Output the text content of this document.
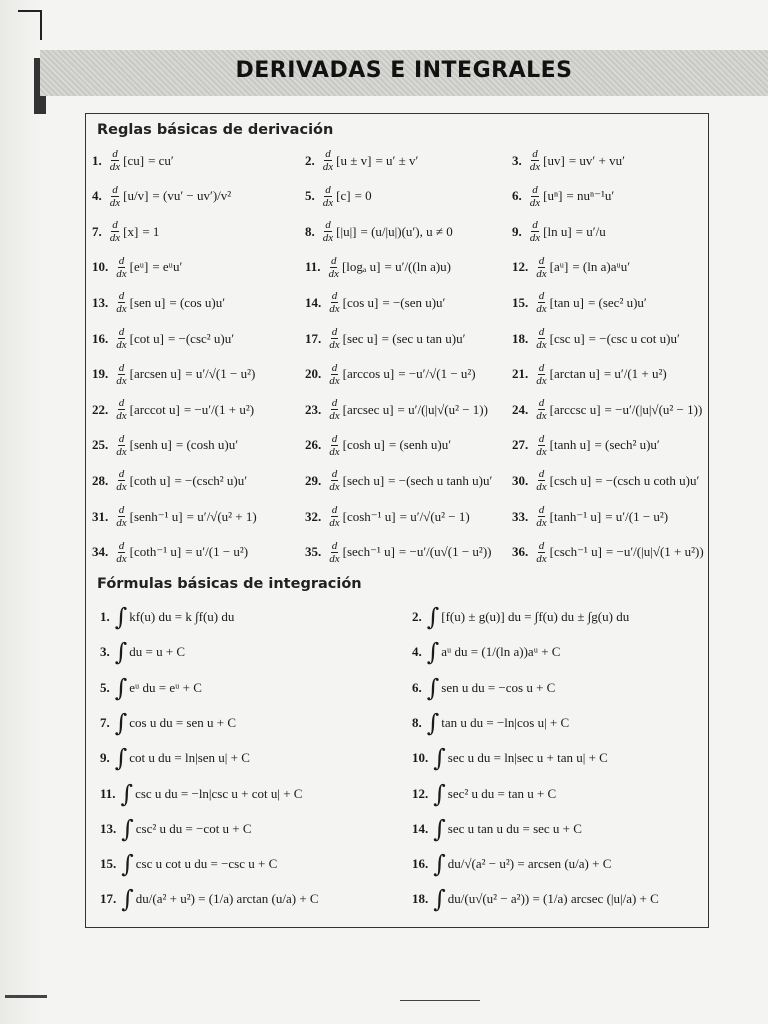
DERIVADAS E INTEGRALES
Reglas básicas de derivación
1. $\frac{d}{dx} [cu] = cu'$	2. $\frac{d}{dx} [u \pm v] = u' \pm v'$	3. $\frac{d}{dx} [uv] = uv' + vu'$
4. $\frac{d}{dx} [u/v] = (vu' - uv')/v^2$	5. $\frac{d}{dx} [c] = 0$	6. $\frac{d}{dx} [u^n] = nu^{n-1}u'$
7. $\frac{d}{dx} [x] = 1$	8. $\frac{d}{dx} [|u|] = (u/|u|)(u')$, u ≠ 0	9. $\frac{d}{dx} [\ln$ u] = u′/u
10. $\frac{d}{dx}$ [eᵘ] = eᵘu′	11. $\frac{d}{dx} [\log_a$ u] = u′/((ln a)u)	12. $\frac{d}{dx}$ [aᵘ] = (ln a)aᵘu′
13. $\frac{d}{dx} [sen$ u] = (cos u)u′	14. $\frac{d}{dx} [\cos$ u] = −(sen u)u′	15. $\frac{d}{dx} [\tan$ u] = (sec² u)u′
16. $\frac{d}{dx} [\cot$ u] = −(csc² u)u′	17. $\frac{d}{dx} [\sec$ u] = (sec u tan u)u′	18. $\frac{d}{dx} [\csc$ u] = −(csc u cot u)u′
19. $\frac{d}{dx}$ [arcsen u] = u′/√(1 − u²)	20. $\frac{d}{dx} [\arccos$ u] = −u′/√(1 − u²)	21. $\frac{d}{dx} [\arctan$ u] = u′/(1 + u²)
22. $\frac{d}{dx} [arccot$ u] = −u′/(1 + u²)	23. $\frac{d}{dx} [arcsec$ u] = u′/(|u|√(u² − 1)) 24. $\frac{d}{dx} [arccsc$ u] = −u′/(|u|√(u² − 1))
25. $\frac{d}{dx}$ [senh u] = (cosh u)u′	26. $\frac{d}{dx} [\cosh$ u] = (senh u)u′	27. $\frac{d}{dx} [\tanh$ u] = (sech² u)u′
28. $\frac{d}{dx} [\cot h$ u] = −(csch² u)u′	29. $\frac{d}{dx} [\sec h$ u] = −(sech u tanh u)u′ 30. $\frac{d}{dx} [\csc h$ u] = −(csch u coth u)u′
31. $\frac{d}{dx}$ [senh⁻¹ u] = u′/√(u² + 1)	32. $\frac{d}{dx} [\cosh^{-1}$ u] = u′/√(u² − 1)	33. $\frac{d}{dx} [\tanh^{-1}$ u] = u′/(1 − u²)
34. $\frac{d}{dx} [\cot h^{-1}$ u] = u′/(1 − u²)	35. $\frac{d}{dx} [\sec h^{-1}$ u] = −u′/(u√(1 − u²)) 36. $\frac{d}{dx} [\csc h^{-1}$ u] = −u′/(|u|√(1 + u²))
Fórmulas básicas de integración
1. ∫ kf(u) du = k ∫f(u) du	2. ∫ [f(u) ± g(u)] du = ∫f(u) du ± ∫g(u) du
3. ∫ du = u + C	4. ∫ aᵘ du = (1/(ln a))aᵘ + C
5. ∫ eᵘ du = eᵘ + C	6. ∫ sen u du = −cos u + C
7. ∫ cos u du = sen u + C	8. ∫ tan u du = −ln|cos u| + C
9. ∫ cot u du = ln|sen u| + C	10. ∫ sec u du = ln|sec u + tan u| + C
11. ∫ csc u du = −ln|csc u + cot u| + C	12. ∫ sec² u du = tan u + C
13. ∫ csc² u du = −cot u + C	14. ∫ sec u tan u du = sec u + C
15. ∫ csc u cot u du = −csc u + C	16. ∫ du/√(a² − u²) = arcsen (u/a) + C
17. ∫ du/(a² + u²) = (1/a) arctan (u/a) + C	18. ∫ du/(u√(u² − a²)) = (1/a) arcsec (|u|/a) + C
